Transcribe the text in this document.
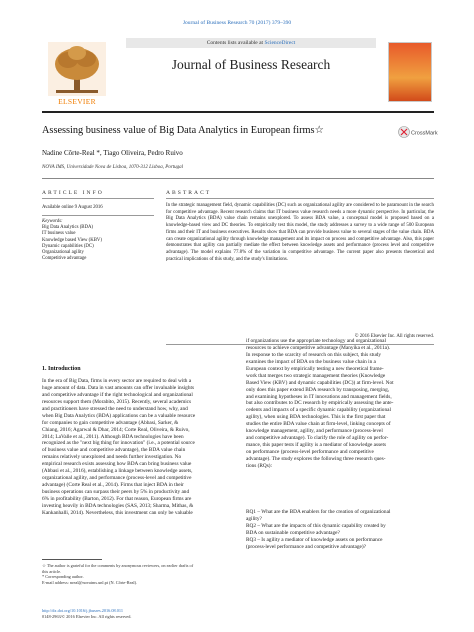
Journal of Business Research 70 (2017) 379–390
ELSEVIER
Contents lists available at ScienceDirect
Journal of Business Research
Assessing business value of Big Data Analytics in European firms☆	CrossMark
Nadine Côrte-Real *, Tiago Oliveira, Pedro Ruivo
NOVA IMS, Universidade Nova de Lisboa, 1070-312 Lisboa, Portugal
ARTICLE INFO	ABSTRACT
Available online 9 August 2016
Keywords:
Big Data Analytics (BDA)
IT business value
Knowledge based View (KBV)
Dynamic capabilities (DC)
Organizational agility
Competitive advantage
In the strategic management field, dynamic capabilities (DC) such as organizational agility are considered to be paramount in the search for competitive advantage. Recent research claims that IT business value research needs a more dynamic perspective. In particular, the Big Data Analytics (BDA) value chain remains unexplored. To assess BDA value, a conceptual model is proposed based on a knowledge-based view and DC theories. To empirically test this model, the study addresses a survey to a wide range of 500 European firms and their IT and business executives. Results show that BDA can provide business value to several stages of the value chain. BDA can create organizational agility through knowledge management and its impact on process and competitive advantage. Also, this paper demonstrates that agility can partially mediate the effect between knowledge assets and performance (process level and competitive advantage). The model explains 77.8% of the variation in competitive advantage. The current paper also presents theoretical and practical implications of this study, and the study's limitations.
© 2016 Elsevier Inc. All rights reserved.
1. Introduction
In the era of Big Data, firms in every sector are required to deal with a
huge amount of data. Data in vast amounts can offer invaluable insights
and competitive advantage if the right technological and organizational
resources support them (Morabito, 2015). Recently, several academics
and practitioners have stressed the need to understand how, why, and
when Big Data Analytics (BDA) applications can be a valuable resource
for companies to gain competitive advantage (Abbasi, Sarker, &
Chiang, 2016; Agarwal & Dhar, 2014; Corte Real, Oliveira, & Ruivo,
2014; LaValle et al., 2011). Although BDA technologies have been
recognized as the "next big thing for innovation" (i.e., a potential source
of business value and competitive advantage), the BDA value chain
remains relatively unexplored and needs further investigation. No
empirical research exists assessing how BDA can bring business value
(Abbasi et al., 2016), establishing a linkage between knowledge assets,
organizational agility, and performance (process-level and competitive
advantage) (Corte Real et al., 2014). Firms that inject BDA in their
business operations can surpass their peers by 5% in productivity and
6% in profitability (Barton, 2012). For that reason, European firms are
investing heavily in BDA technologies (SAS, 2013; Sharma, Mithas, &
Kankanhalli, 2014). Nevertheless, this investment can only be valuable
if organizations use the appropriate technology and organizational
resources to achieve competitive advantage (Manyika et al., 2011a).
In response to the scarcity of research on this subject, this study
examines the impact of BDA on the business value chain in a
European context by empirically testing a new theoretical frame-
work that merges two strategic management theories (Knowledge
Based View (KBV) and dynamic capabilities (DC)) at firm-level. Not
only does this paper extend BDA research by transposing, merging,
and examining hypotheses in IT innovations and management fields,
but also contributes to DC research by empirically assessing the ante-
cedents and impacts of a specific dynamic capability (organizational
agility), when using BDA technologies. This is the first paper that
studies the entire BDA value chain at firm-level, linking concepts of
knowledge management, agility, and performance (process-level
and competitive advantage). To clarify the role of agility on perfor-
mance, this paper tests if agility is a mediator of knowledge assets
on performance (process-level performance and competitive
advantage). The study explores the following three research ques-
tions (RQs):
RQ1 – What are the BDA enablers for the creation of organizational
agility?
RQ2 – What are the impacts of this dynamic capability created by
BDA on sustainable competitive advantage?
RQ3 – Is agility a mediator of knowledge assets on performance
(process-level performance and competitive advantage)?
☆ The author is grateful for the comments by anonymous reviewers, on earlier drafts of
this article.
* Corresponding author.
E-mail address: nreal@novaims.unl.pt (N. Côrte-Real).
http://dx.doi.org/10.1016/j.jbusres.2016.08.011
0148-2963/© 2016 Elsevier Inc. All rights reserved.
